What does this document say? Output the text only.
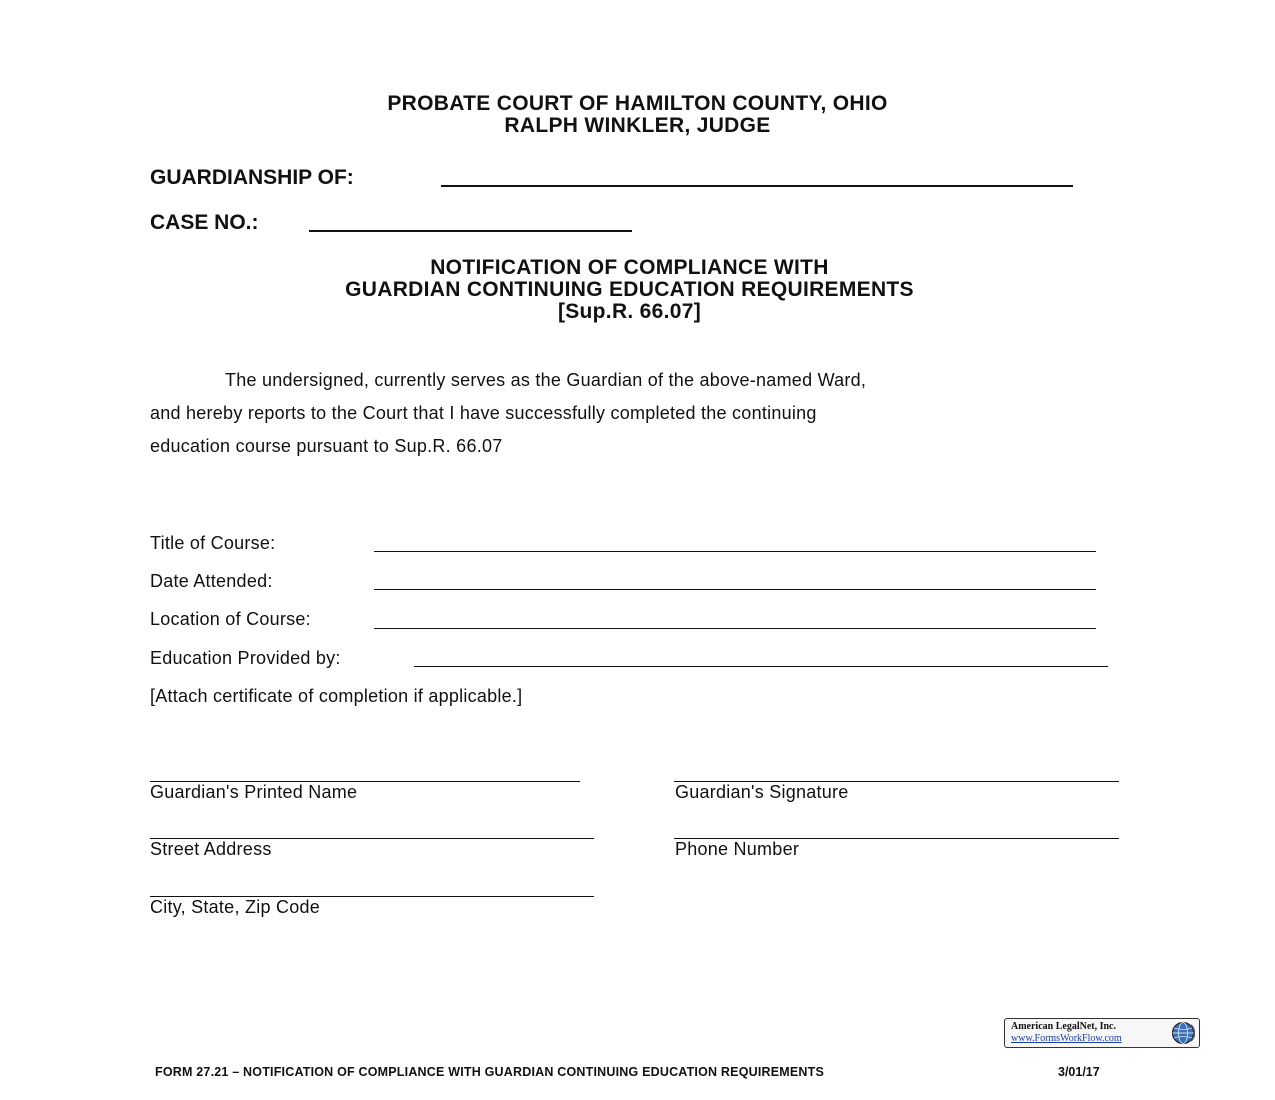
PROBATE COURT OF HAMILTON COUNTY, OHIO
RALPH WINKLER, JUDGE
GUARDIANSHIP OF:
CASE NO.:
NOTIFICATION OF COMPLIANCE WITH
GUARDIAN CONTINUING EDUCATION REQUIREMENTS
[Sup.R. 66.07]
The undersigned, currently serves as the Guardian of the above-named Ward,
and hereby reports to the Court that I have successfully completed the continuing
education course pursuant to Sup.R. 66.07
Title of Course:
Date Attended:
Location of Course:
Education Provided by:
[Attach certificate of completion if applicable.]
Guardian's Printed Name	Guardian's Signature
Street Address	Phone Number
City, State, Zip Code
American LegalNet, Inc.
www.FormsWorkFlow.com
FORM 27.21 – NOTIFICATION OF COMPLIANCE WITH GUARDIAN CONTINUING EDUCATION REQUIREMENTS	3/01/17
